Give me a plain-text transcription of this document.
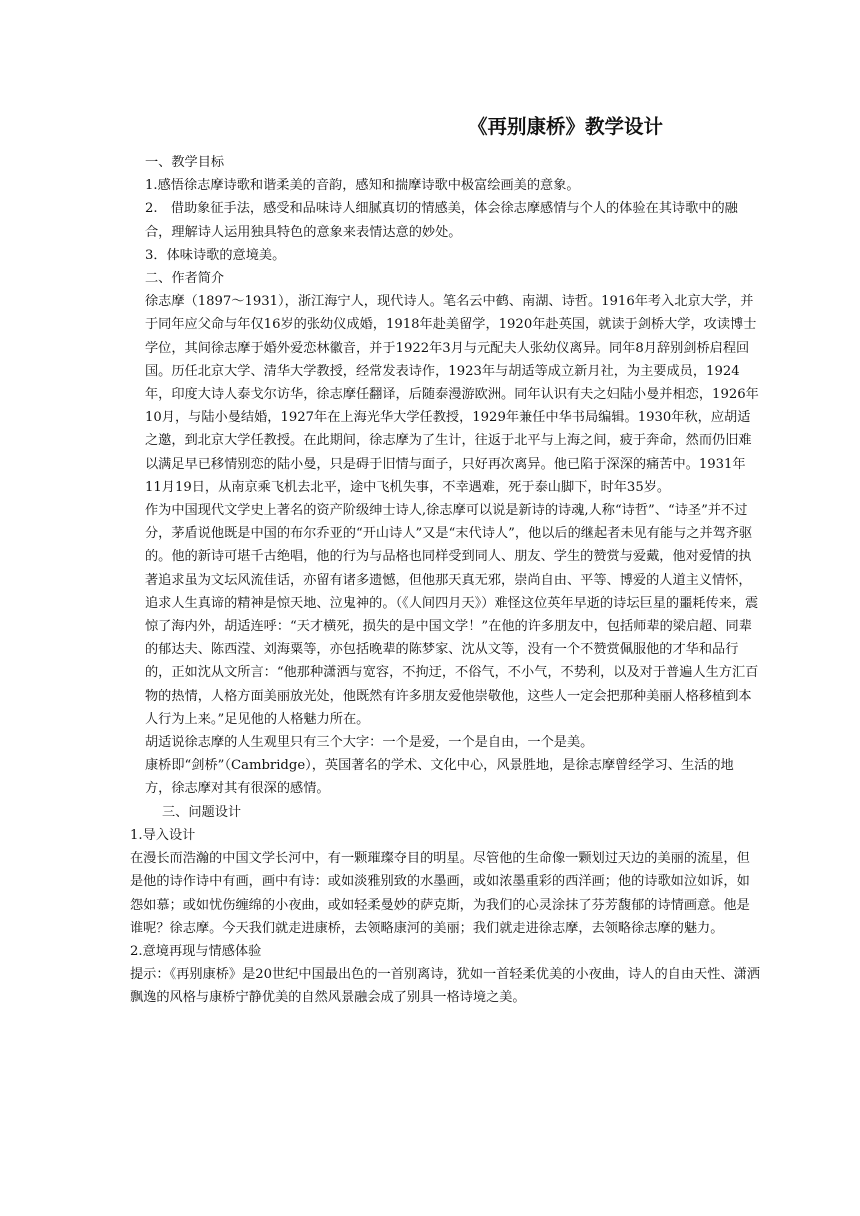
《再别康桥》教学设计

一、教学目标

1.感悟徐志摩诗歌和谐柔美的音韵，感知和揣摩诗歌中极富绘画美的意象。

2.　借助象征手法，感受和品味诗人细腻真切的情感美，体会徐志摩感情与个人的体验在其诗歌中的融合，理解诗人运用独具特色的意象来表情达意的妙处。

3．体味诗歌的意境美。

二、作者简介

徐志摩（1897～1931），浙江海宁人，现代诗人。笔名云中鹤、南湖、诗哲。1916年考入北京大学，并于同年应父命与年仅16岁的张幼仪成婚，1918年赴美留学，1920年赴英国，就读于剑桥大学，攻读博士学位，其间徐志摩于婚外爱恋林徽音，并于1922年3月与元配夫人张幼仪离异。同年8月辞别剑桥启程回国。历任北京大学、清华大学教授，经常发表诗作，1923年与胡适等成立新月社，为主要成员，1924年，印度大诗人泰戈尔访华，徐志摩任翻译，后随泰漫游欧洲。同年认识有夫之妇陆小曼并相恋，1926年10月，与陆小曼结婚，1927年在上海光华大学任教授，1929年兼任中华书局编辑。1930年秋，应胡适之邀，到北京大学任教授。在此期间，徐志摩为了生计，往返于北平与上海之间，疲于奔命，然而仍旧难以满足早已移情别恋的陆小曼，只是碍于旧情与面子，只好再次离异。他已陷于深深的痛苦中。1931年11月19日，从南京乘飞机去北平，途中飞机失事，不幸遇难，死于泰山脚下，时年35岁。

作为中国现代文学史上著名的资产阶级绅士诗人,徐志摩可以说是新诗的诗魂,人称“诗哲”、“诗圣”并不过分，茅盾说他既是中国的布尔乔亚的“开山诗人”又是“末代诗人”，他以后的继起者未见有能与之并驾齐驱的。他的新诗可堪千古绝唱，他的行为与品格也同样受到同人、朋友、学生的赞赏与爱戴，他对爱情的执著追求虽为文坛风流佳话，亦留有诸多遗憾，但他那天真无邪，崇尚自由、平等、博爱的人道主义情怀，追求人生真谛的精神是惊天地、泣鬼神的。（《人间四月天》）难怪这位英年早逝的诗坛巨星的噩耗传来，震惊了海内外，胡适连呼：“天才横死，损失的是中国文学！”在他的许多朋友中，包括师辈的梁启超、同辈的郁达夫、陈西滢、刘海粟等，亦包括晚辈的陈梦家、沈从文等，没有一个不赞赏佩服他的才华和品行的，正如沈从文所言：“他那种潇洒与宽容，不拘迂，不俗气，不小气，不势利，以及对于普遍人生方汇百物的热情，人格方面美丽放光处，他既然有许多朋友爱他崇敬他，这些人一定会把那种美丽人格移植到本人行为上来。”足见他的人格魅力所在。

胡适说徐志摩的人生观里只有三个大字：一个是爱，一个是自由，一个是美。

康桥即“剑桥”（Cambridge），英国著名的学术、文化中心，风景胜地，是徐志摩曾经学习、生活的地方，徐志摩对其有很深的感情。

三、问题设计

1.导入设计

在漫长而浩瀚的中国文学长河中，有一颗璀璨夺目的明星。尽管他的生命像一颗划过天边的美丽的流星，但是他的诗作诗中有画，画中有诗：或如淡雅别致的水墨画，或如浓墨重彩的西洋画；他的诗歌如泣如诉，如怨如慕；或如忧伤缠绵的小夜曲，或如轻柔曼妙的萨克斯，为我们的心灵涂抹了芬芳馥郁的诗情画意。他是谁呢？徐志摩。今天我们就走进康桥，去领略康河的美丽；我们就走进徐志摩，去领略徐志摩的魅力。

2.意境再现与情感体验

提示：《再别康桥》是20世纪中国最出色的一首别离诗，犹如一首轻柔优美的小夜曲，诗人的自由天性、潇洒飘逸的风格与康桥宁静优美的自然风景融会成了别具一格诗境之美。
